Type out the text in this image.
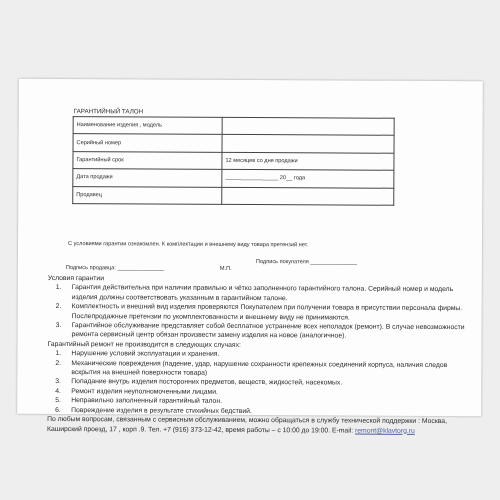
ГАРАНТИЙНЫЙ ТАЛОН
Наименование изделия , модель	
Серийный номер	
Гарантийный срок	12 месяцев со дня продажи
Дата продажи	_________________ 20__ года
Продавец	
С условиями гарантии ознакомлен. К комплектации и внешнему виду товара претензий нет.
Подпись покупателя _______________
Подпись продавца: _______________	М.П.

Условия гарантии

1.	Гарантия действительна при наличии правильно и чётко заполненного гарантийного талона. Серийный номер и модель изделия должны соответствовать указанным в гарантийном талоне.
2.	Комплектность и внешний вид изделия проверяются Покупателем при получении товара в присутствии персонала фирмы. Послепродажные претензии по укомплектованности и внешнему виду не принимаются.
3.	Гарантийное обслуживание представляет собой бесплатное устранение всех неполадок (ремонт). В случае невозможности ремонта сервисный центр обязан произвести замену изделия на новое (аналогичное).

Гарантийный ремонт не производится в следующих случаях:

1.	Нарушение условий эксплуатации и хранения.
2.	Механические повреждения (падение, удар, нарушение сохранности крепежных соединений корпуса, наличия следов вскрытия на внешней поверхности товара)
3.	Попадание внутрь изделия посторонних предметов, веществ, жидкостей, насекомых.
4.	Ремонт изделия неуполномоченными лицами.
5.	Неправильно заполненный гарантийный талон.
6.	Повреждение изделия в результате стихийных бедствий.

По любым вопросам, связанным с сервисным обслуживанием, можно обращаться в службу технической поддержки : Москва, Каширский проезд, 17 , корп .9. Тел. +7 (916) 373-12-42, время работы – с 10:00 до 19:00. E-mail: remont@klavtorg.ru
